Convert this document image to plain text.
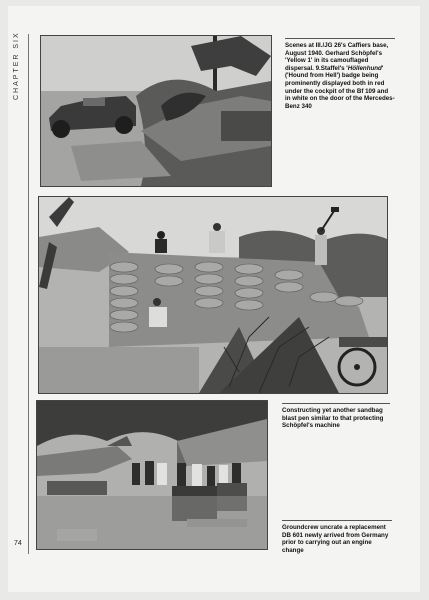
CHAPTER SIX	Scenes at III./JG 26's Caffiers base, August 1940. Gerhard Schöpfel's 'Yellow 1' in its camouflaged dispersal. 9.Staffel's 'Höllenhund' ('Hound from Hell') badge being prominently displayed both in red under the cockpit of the Bf 109 and in white on the door of the Mercedes-Benz 340
Constructing yet another sandbag blast pen similar to that protecting Schöpfel's machine
Groundcrew uncrate a replacement DB 601 newly arrived from Germany prior to carrying out an engine change
74
